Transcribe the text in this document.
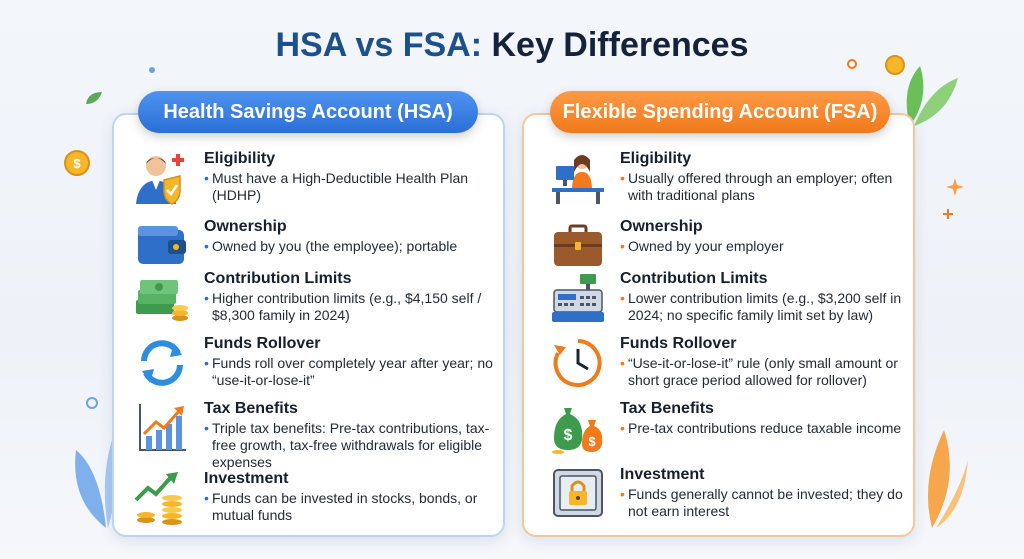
HSA vs FSA: Key Differences
$
Health Savings Account (HSA)	Flexible Spending Account (FSA)
Eligibility
• Must have a High-Deductible Health Plan (HDHP)
Ownership
• Owned by you (the employee); portable
Contribution Limits
• Higher contribution limits (e.g., $4,150 self / $8,300 family in 2024)
Funds Rollover
• Funds roll over completely year after year; no “use-it-or-lose-it”
Tax Benefits
• Triple tax benefits: Pre-tax contributions, tax-free growth, tax-free withdrawals for eligible expenses
Investment
• Funds can be invested in stocks, bonds, or mutual funds
Eligibility
• Usually offered through an employer; often with traditional plans
Ownership
• Owned by your employer
Contribution Limits
• Lower contribution limits (e.g., $3,200 self in 2024; no specific family limit set by law)
Funds Rollover
• “Use-it-or-lose-it” rule (only small amount or short grace period allowed for rollover)
$ $
Tax Benefits
• Pre-tax contributions reduce taxable income
Investment
• Funds generally cannot be invested; they do not earn interest
